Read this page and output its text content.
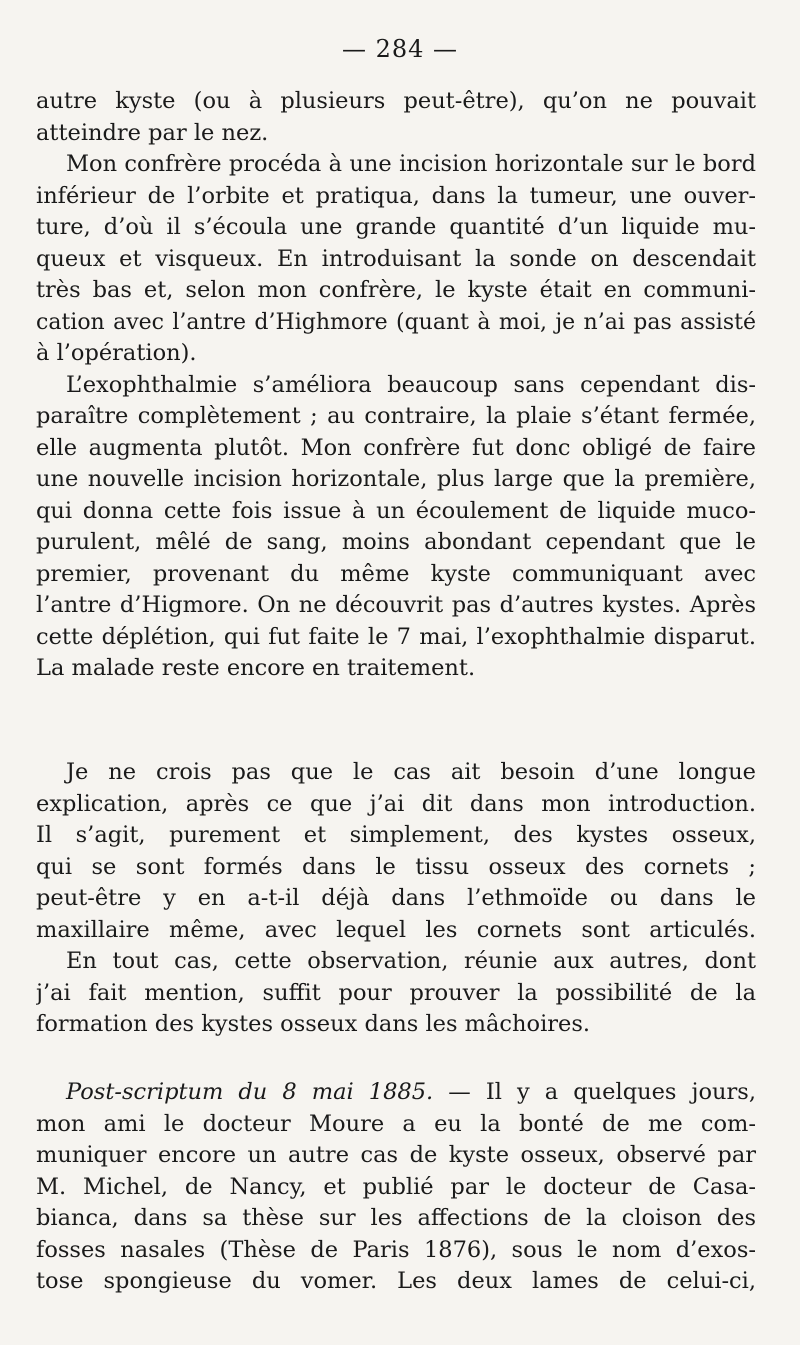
— 284 —
autre kyste (ou à plusieurs peut-être), qu’on ne pouvait
atteindre par le nez.
Mon confrère procéda à une incision horizontale sur le bord
inférieur de l’orbite et pratiqua, dans la tumeur, une ouver-
ture, d’où il s’écoula une grande quantité d’un liquide mu-
queux et visqueux. En introduisant la sonde on descendait
très bas et, selon mon confrère, le kyste était en communi-
cation avec l’antre d’Highmore (quant à moi, je n’ai pas assisté
à l’opération).
L’exophthalmie s’améliora beaucoup sans cependant dis-
paraître complètement ; au contraire, la plaie s’étant fermée,
elle augmenta plutôt. Mon confrère fut donc obligé de faire
une nouvelle incision horizontale, plus large que la première,
qui donna cette fois issue à un écoulement de liquide muco-
purulent, mêlé de sang, moins abondant cependant que le
premier, provenant du même kyste communiquant avec
l’antre d’Higmore. On ne découvrit pas d’autres kystes. Après
cette déplétion, qui fut faite le 7 mai, l’exophthalmie disparut.
La malade reste encore en traitement.
Je ne crois pas que le cas ait besoin d’une longue
explication, après ce que j’ai dit dans mon introduction.
Il s’agit, purement et simplement, des kystes osseux,
qui se sont formés dans le tissu osseux des cornets ;
peut-être y en a-t-il déjà dans l’ethmoïde ou dans le
maxillaire même, avec lequel les cornets sont articulés.
En tout cas, cette observation, réunie aux autres, dont
j’ai fait mention, suffit pour prouver la possibilité de la
formation des kystes osseux dans les mâchoires.
Post-scriptum du 8 mai 1885. — Il y a quelques jours,
mon ami le docteur Moure a eu la bonté de me com-
muniquer encore un autre cas de kyste osseux, observé par
M. Michel, de Nancy, et publié par le docteur de Casa-
bianca, dans sa thèse sur les affections de la cloison des
fosses nasales (Thèse de Paris 1876), sous le nom d’exos-
tose spongieuse du vomer. Les deux lames de celui-ci,
